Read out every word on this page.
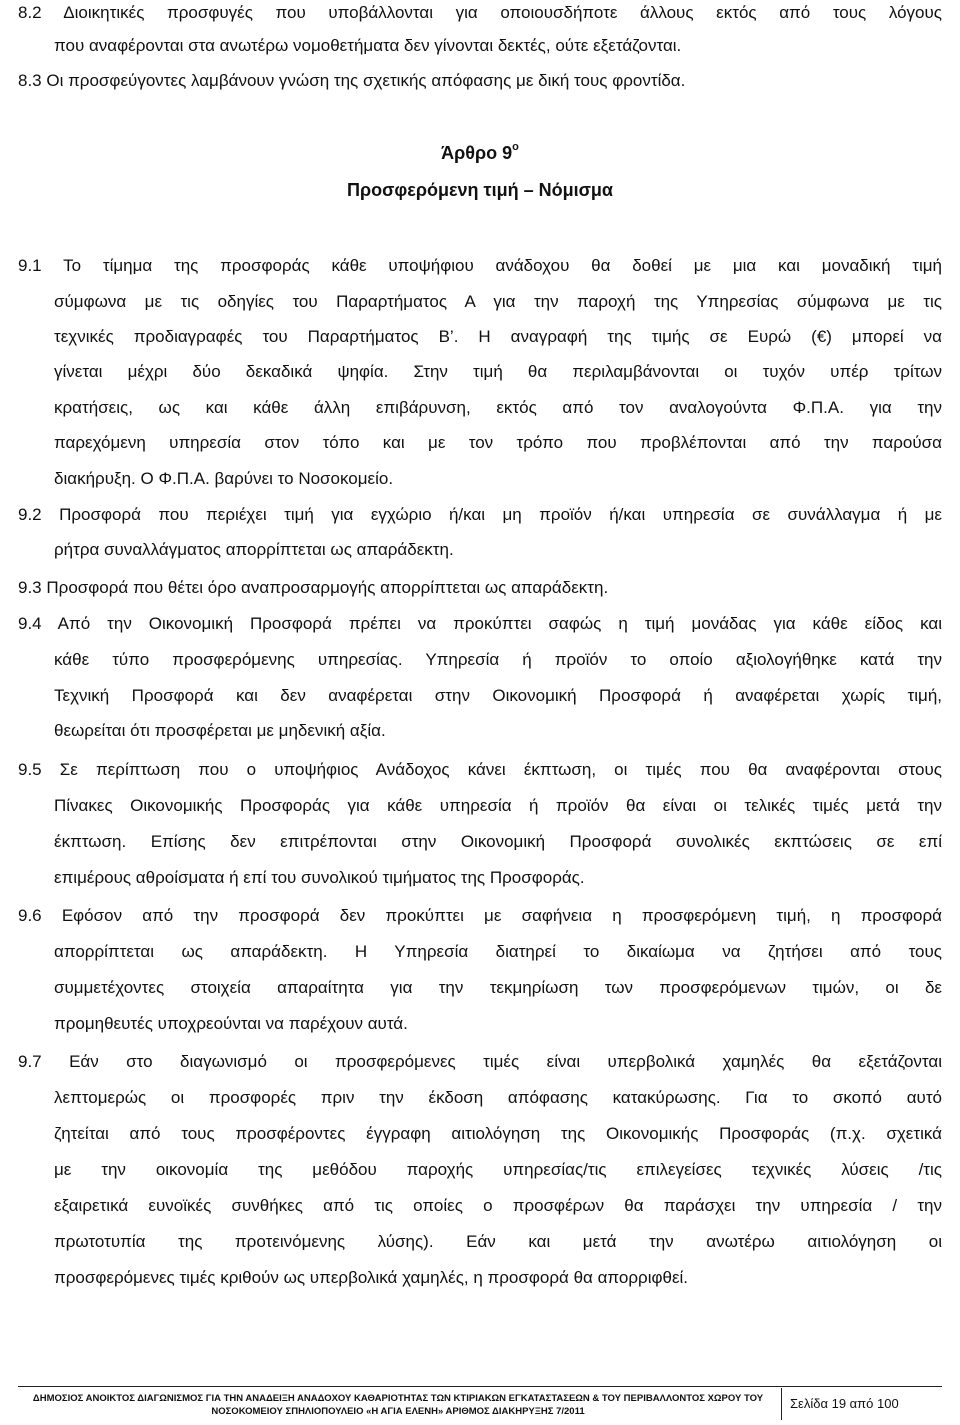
8.2 Διοικητικές προσφυγές που υποβάλλονται για οποιουσδήποτε άλλους εκτός από τους λόγους
που αναφέρονται στα ανωτέρω νομοθετήματα δεν γίνονται δεκτές, ούτε εξετάζονται.
8.3 Οι προσφεύγοντες λαμβάνουν γνώση της σχετικής απόφασης με δική τους φροντίδα.
Άρθρο $9^o$
Προσφερόμενη τιμή – Νόμισμα
9.1 Το τίμημα της προσφοράς κάθε υποψήφιου ανάδοχου θα δοθεί με μια και μοναδική τιμή
σύμφωνα με τις οδηγίες του Παραρτήματος Α για την παροχή της Υπηρεσίας σύμφωνα με τις
τεχνικές προδιαγραφές του Παραρτήματος Β’. Η αναγραφή της τιμής σε Ευρώ (€) μπορεί να
γίνεται μέχρι δύο δεκαδικά ψηφία. Στην τιμή θα περιλαμβάνονται οι τυχόν υπέρ τρίτων
κρατήσεις, ως και κάθε άλλη επιβάρυνση, εκτός από τον αναλογούντα Φ.Π.Α. για την
παρεχόμενη υπηρεσία στον τόπο και με τον τρόπο που προβλέπονται από την παρούσα
διακήρυξη. Ο Φ.Π.Α. βαρύνει το Νοσοκομείο.
9.2 Προσφορά που περιέχει τιμή για εγχώριο ή/και μη προϊόν ή/και υπηρεσία σε συνάλλαγμα ή με
ρήτρα συναλλάγματος απορρίπτεται ως απαράδεκτη.
9.3 Προσφορά που θέτει όρο αναπροσαρμογής απορρίπτεται ως απαράδεκτη.
9.4 Από την Οικονομική Προσφορά πρέπει να προκύπτει σαφώς η τιμή μονάδας για κάθε είδος και
κάθε τύπο προσφερόμενης υπηρεσίας. Υπηρεσία ή προϊόν το οποίο αξιολογήθηκε κατά την
Τεχνική Προσφορά και δεν αναφέρεται στην Οικονομική Προσφορά ή αναφέρεται χωρίς τιμή,
θεωρείται ότι προσφέρεται με μηδενική αξία.
9.5 Σε περίπτωση που ο υποψήφιος Ανάδοχος κάνει έκπτωση, οι τιμές που θα αναφέρονται στους
Πίνακες Οικονομικής Προσφοράς για κάθε υπηρεσία ή προϊόν θα είναι οι τελικές τιμές μετά την
έκπτωση. Επίσης δεν επιτρέπονται στην Οικονομική Προσφορά συνολικές εκπτώσεις σε επί
επιμέρους αθροίσματα ή επί του συνολικού τιμήματος της Προσφοράς.
9.6 Εφόσον από την προσφορά δεν προκύπτει με σαφήνεια η προσφερόμενη τιμή, η προσφορά
απορρίπτεται ως απαράδεκτη. Η Υπηρεσία διατηρεί το δικαίωμα να ζητήσει από τους
συμμετέχοντες στοιχεία απαραίτητα για την τεκμηρίωση των προσφερόμενων τιμών, οι δε
προμηθευτές υποχρεούνται να παρέχουν αυτά.
9.7 Εάν στο διαγωνισμό οι προσφερόμενες τιμές είναι υπερβολικά χαμηλές θα εξετάζονται
λεπτομερώς οι προσφορές πριν την έκδοση απόφασης κατακύρωσης. Για το σκοπό αυτό
ζητείται από τους προσφέροντες έγγραφη αιτιολόγηση της Οικονομικής Προσφοράς (π.χ. σχετικά
με την οικονομία της μεθόδου παροχής υπηρεσίας/τις επιλεγείσες τεχνικές λύσεις /τις
εξαιρετικά ευνοϊκές συνθήκες από τις οποίες ο προσφέρων θα παράσχει την υπηρεσία / την
πρωτοτυπία της προτεινόμενης λύσης). Εάν και μετά την ανωτέρω αιτιολόγηση οι
προσφερόμενες τιμές κριθούν ως υπερβολικά χαμηλές, η προσφορά θα απορριφθεί.
ΔΗΜΟΣΙΟΣ ΑΝΟΙΚΤΟΣ ΔΙΑΓΩΝΙΣΜΟΣ ΓΙΑ ΤΗΝ ΑΝΑΔΕΙΞΗ ΑΝΑΔΟΧΟΥ ΚΑΘΑΡΙΟΤΗΤΑΣ ΤΩΝ ΚΤΙΡΙΑΚΩΝ ΕΓΚΑΤΑΣΤΑΣΕΩΝ & ΤΟΥ ΠΕΡΙΒΑΛΛΟΝΤΟΣ ΧΩΡΟΥ ΤΟΥ
ΝΟΣΟΚΟΜΕΙΟΥ ΣΠΗΛΙΟΠΟΥΛΕΙΟ «Η ΑΓΙΑ ΕΛΕΝΗ» ΑΡΙΘΜΟΣ ΔΙΑΚΗΡΥΞΗΣ 7/2011
Σελίδα 19 από 100
